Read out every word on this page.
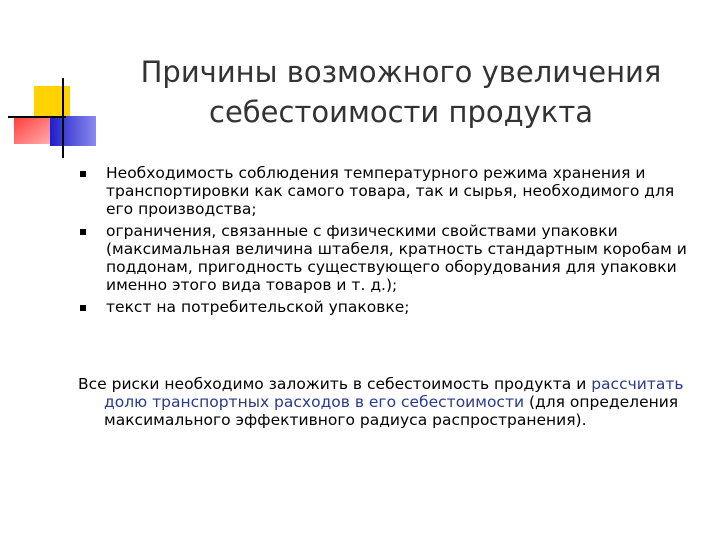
Причины возможного увеличения себестоимости продукта
Необходимость соблюдения температурного режима хранения и транспортировки как самого товара, так и сырья, необходимого для его производства;
ограничения, связанные с физическими свойствами упаковки (максимальная величина штабеля, кратность стандартным коробам и поддонам, пригодность существующего оборудования для упаковки именно этого вида товаров и т. д.);
текст на потребительской упаковке;
Все риски необходимо заложить в себестоимость продукта и рассчитать долю транспортных расходов в его себестоимости (для определения максимального эффективного радиуса распространения).
